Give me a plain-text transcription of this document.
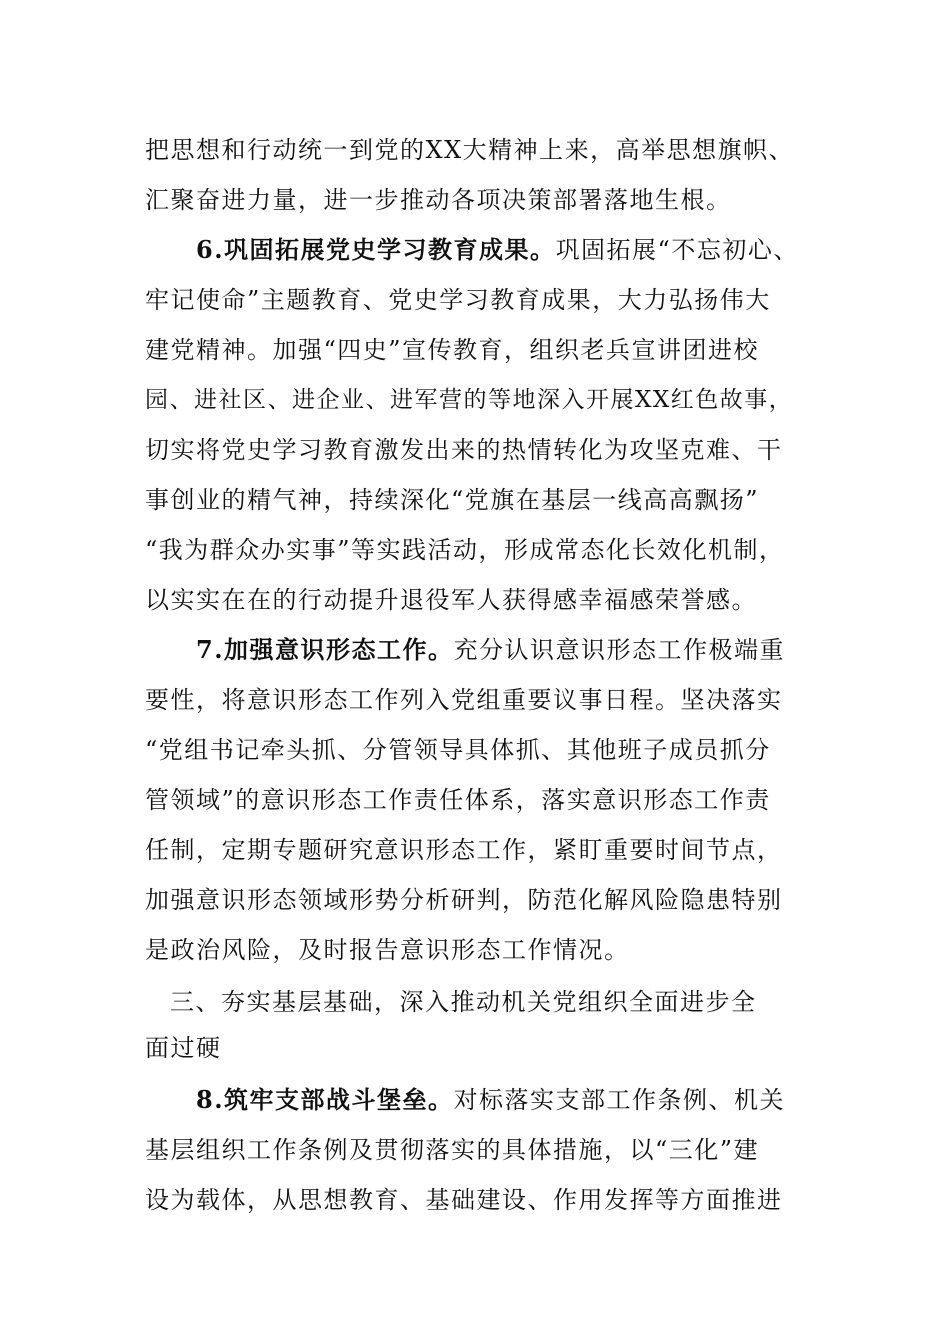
把思想和行动统一到党的XX大精神上来，高举思想旗帜、
汇聚奋进力量，进一步推动各项决策部署落地生根。
6.巩固拓展党史学习教育成果。巩固拓展“不忘初心、
牢记使命”主题教育、党史学习教育成果，大力弘扬伟大
建党精神。加强“四史”宣传教育，组织老兵宣讲团进校
园、进社区、进企业、进军营的等地深入开展XX红色故事，
切实将党史学习教育激发出来的热情转化为攻坚克难、干
事创业的精气神，持续深化“党旗在基层一线高高飘扬”
“我为群众办实事”等实践活动，形成常态化长效化机制，
以实实在在的行动提升退役军人获得感幸福感荣誉感。
7.加强意识形态工作。充分认识意识形态工作极端重
要性，将意识形态工作列入党组重要议事日程。坚决落实
“党组书记牵头抓、分管领导具体抓、其他班子成员抓分
管领域”的意识形态工作责任体系，落实意识形态工作责
任制，定期专题研究意识形态工作，紧盯重要时间节点，
加强意识形态领域形势分析研判，防范化解风险隐患特别
是政治风险，及时报告意识形态工作情况。
三、夯实基层基础，深入推动机关党组织全面进步全
面过硬
8.筑牢支部战斗堡垒。对标落实支部工作条例、机关
基层组织工作条例及贯彻落实的具体措施，以“三化”建
设为载体，从思想教育、基础建设、作用发挥等方面推进
